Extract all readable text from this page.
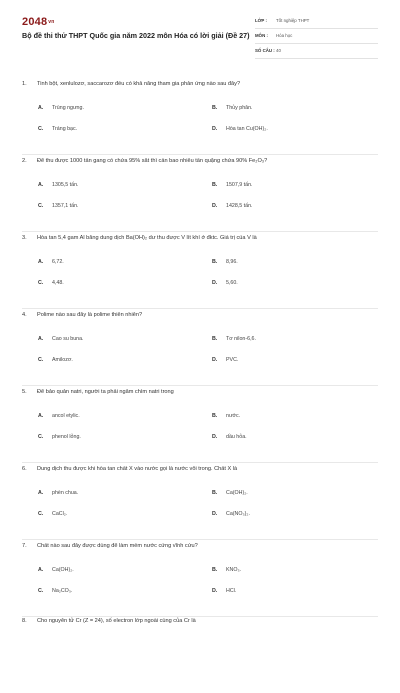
$2048^{vn}$
Bộ đề thi thử THPT Quốc gia năm 2022 môn Hóa có lời giải (Đề 27)
LỚP : Tốt nghiệp THPT
MÔN : Hóa học
SỐ CÂU : 40
1. Tinh bột, xenlulozơ, saccarozơ đều có khả năng tham gia phản ứng nào sau đây?
A. Trùng ngưng.	B. Thủy phân.
C. Tráng bạc.	D. Hòa tan Cu(OH)₂.
2. Để thu được 1000 tấn gang có chứa 95% sắt thì cần bao nhiêu tấn quặng chứa 90% Fe₂O₃?
A. 1305,5 tấn.	B. 1507,9 tấn.
C. 1357,1 tấn.	D. 1428,5 tấn.
3. Hòa tan 5,4 gam Al bằng dung dịch Ba(OH)₂ dư thu được V lít khí ở đktc. Giá trị của V là
A. 6,72.	B. 8,96.
C. 4,48.	D. 5,60.
4. Polime nào sau đây là polime thiên nhiên?
A. Cao su buna.	B. Tơ nilon-6,6.
C. Amilozơ.	D. PVC.
5. Để bảo quản natri, người ta phải ngâm chìm natri trong
A. ancol etylic.	B. nước.
C. phenol lỏng.	D. dầu hỏa.
6. Dung dịch thu được khi hòa tan chất X vào nước gọi là nước vôi trong. Chất X là
A. phèn chua.	B. Ca(OH)₂.
C. CaCl₂.	D. Ca(NO₃)₂.
7. Chất nào sau đây được dùng để làm mềm nước cứng vĩnh cửu?
A. Ca(OH)₂.	B. KNO₃.
C. Na₂CO₃.	D. HCl.
8. Cho nguyên tử Cr (Z = 24), số electron lớp ngoài cùng của Cr là
